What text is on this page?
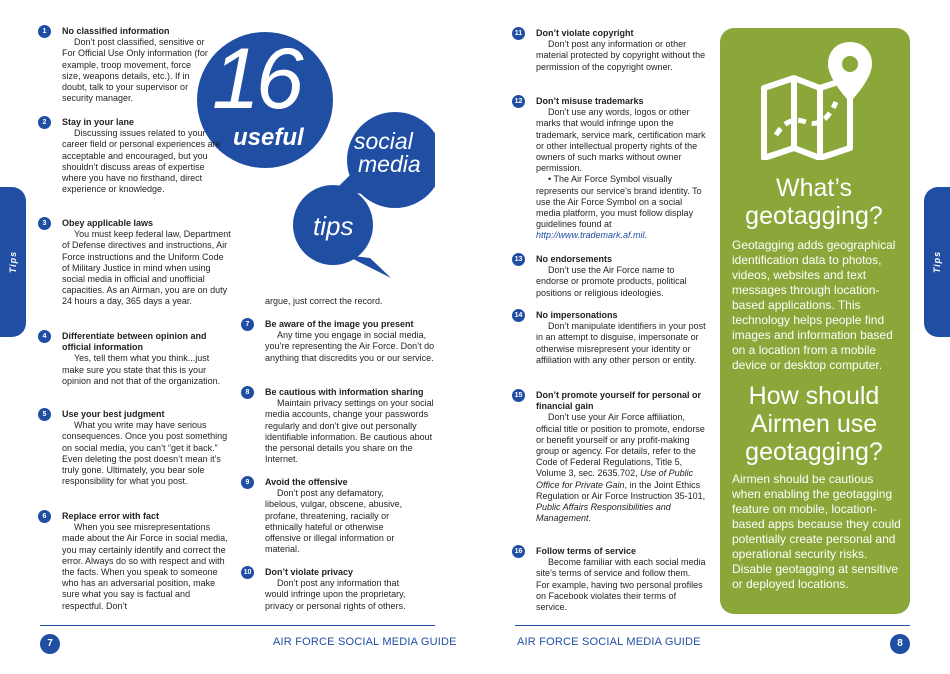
Tips
16
useful social
media
tips
1	No classified information

Don’t post classified, sensitive or For Official Use Only information (for example, troop movement, force size, weapons details, etc.). If in doubt, talk to your supervisor or security manager.

2	Stay in your lane

Discussing issues related to your career field or personal experiences are acceptable and encouraged, but you shouldn’t discuss areas of expertise where you have no firsthand, direct experience or knowledge.

3	Obey applicable laws

You must keep federal law, Department of Defense directives and instructions, Air Force instructions and the Uniform Code of Military Justice in mind when using social media in official and unofficial capacities. As an Airman, you are on duty 24 hours a day, 365 days a year.

4	Differentiate between opinion and official information

Yes, tell them what you think...just make sure you state that this is your opinion and not that of the organization.

5	Use your best judgment

What you write may have serious consequences. Once you post something on social media, you can’t “get it back.” Even deleting the post doesn’t mean it’s truly gone. Ultimately, you bear sole responsibility for what you post.

6	Replace error with fact

When you see misrepresentations made about the Air Force in social media, you may certainly identify and correct the error. Always do so with respect and with the facts. When you speak to someone who has an adversarial position, make sure what you say is factual and respectful. Don’t

argue, just correct the record.

7	Be aware of the image you present

Any time you engage in social media, you’re representing the Air Force. Don’t do anything that discredits you or our service.

8	Be cautious with information sharing

Maintain privacy settings on your social media accounts, change your passwords regularly and don’t give out personally identifiable information. Be cautious about the personal details you share on the Internet.

9	Avoid the offensive

Don’t post any defamatory, libelous, vulgar, obscene, abusive, profane, threatening, racially or ethnically hateful or otherwise offensive or illegal information or material.

10 Don’t violate privacy

Don’t post any information that would infringe upon the proprietary, privacy or personal rights of others.

7	AIR FORCE SOCIAL MEDIA GUIDE
Tips
11	Don’t violate copyright

Don’t post any information or other material protected by copyright without the permission of the copyright owner.

12 Don’t misuse trademarks

Don’t use any words, logos or other marks that would infringe upon the trademark, service mark, certification mark or other intellectual property rights of the owners of such marks without owner permission.

• The Air Force Symbol visually represents our service’s brand identity. To use the Air Force Symbol on a social media platform, you must follow display guidelines found at http://www.trademark.af.mil.

13 No endorsements

Don’t use the Air Force name to endorse or promote products, political positions or religious ideologies.

14 No impersonations

Don’t manipulate identifiers in your post in an attempt to disguise, impersonate or otherwise misrepresent your identity or affiliation with any other person or entity.

15 Don’t promote yourself for personal or financial gain

Don’t use your Air Force affiliation, official title or position to promote, endorse or benefit yourself or any profit-making group or agency. For details, refer to the Code of Federal Regulations, Title 5, Volume 3, sec. 2635.702, Use of Public Office for Private Gain, in the Joint Ethics Regulation or Air Force Instruction 35-101, Public Affairs Responsibilities and Management.

16 Follow terms of service

Become familiar with each social media site’s terms of service and follow them. For example, having two personal profiles on Facebook violates their terms of service.

What’s geotagging?

Geotagging adds geographical identification data to photos, videos, websites and text messages through location-based applications. This technology helps people find images and information based on a location from a mobile device or desktop computer.

How should Airmen use geotagging?

Airmen should be cautious when enabling the geotagging feature on mobile, location-based apps because they could potentially create personal and operational security risks. Disable geotagging at sensitive or deployed locations.

AIR FORCE SOCIAL MEDIA GUIDE	8
